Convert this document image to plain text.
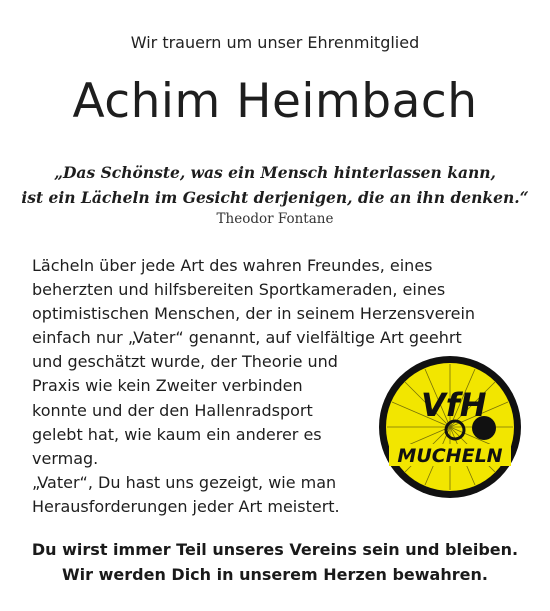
Wir trauern um unser Ehrenmitglied
Achim Heimbach
„Das Schönste, was ein Mensch hinterlassen kann,
ist ein Lächeln im Gesicht derjenigen, die an ihn denken.“
Theodor Fontane
Lächeln über jede Art des wahren Freundes, eines
beherzten und hilfsbereiten Sportkameraden, eines
optimistischen Menschen, der in seinem Herzensverein
einfach nur „Vater“ genannt, auf vielfältige Art geehrt
und geschätzt wurde, der Theorie und
Praxis wie kein Zweiter verbinden
konnte und der den Hallenradsport
gelebt hat, wie kaum ein anderer es
vermag.
„Vater“, Du hast uns gezeigt, wie man
Herausforderungen jeder Art meistert.
VfH
MUCHELN
Du wirst immer Teil unseres Vereins sein und bleiben.
Wir werden Dich in unserem Herzen bewahren.
